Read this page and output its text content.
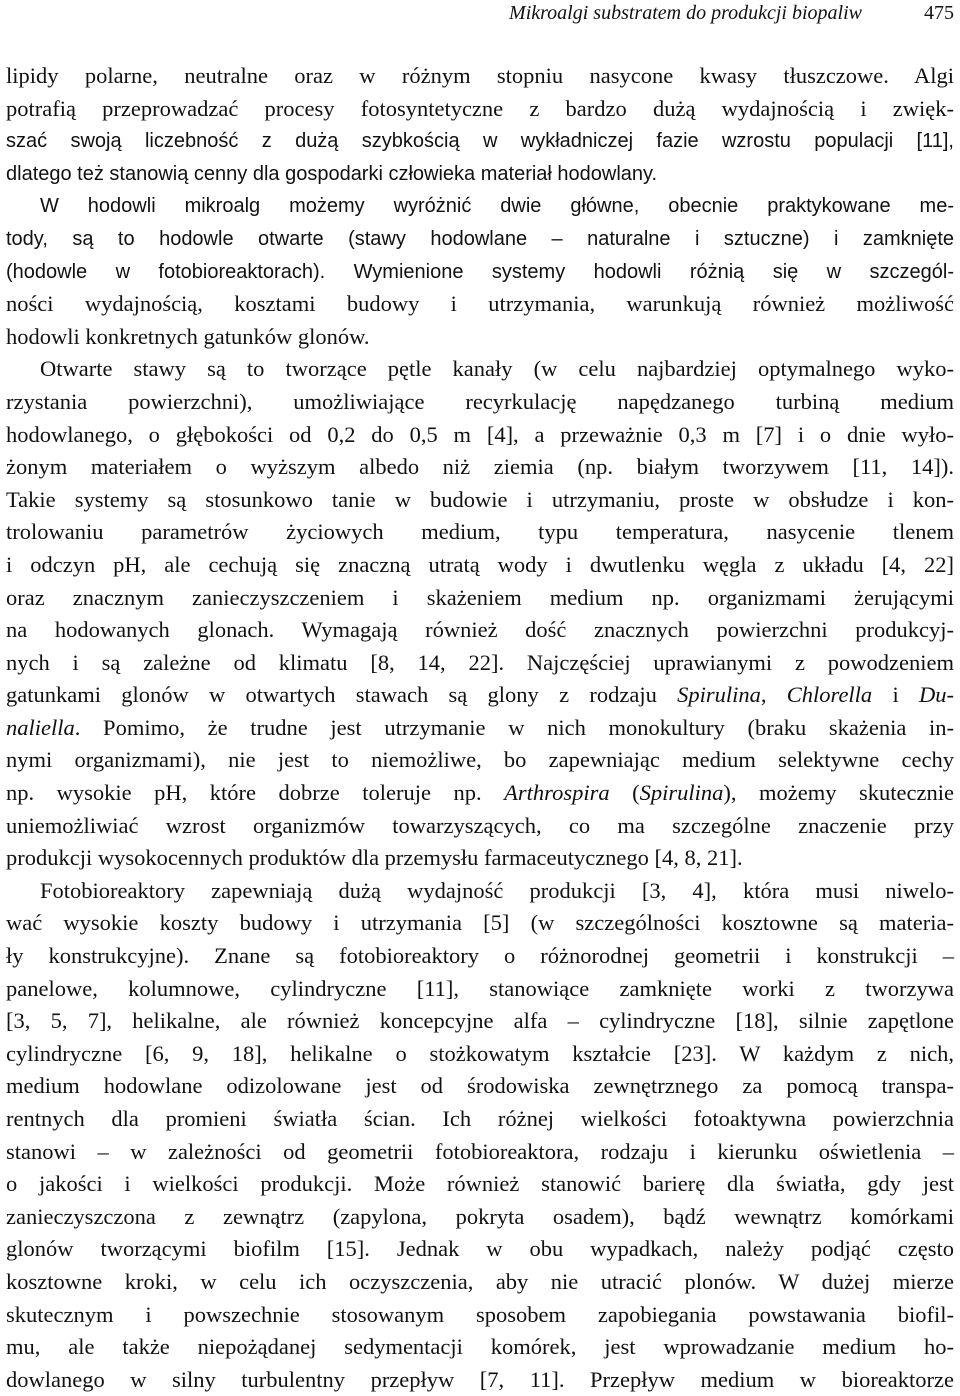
Mikroalgi substratem do produkcji biopaliw	475
lipidy polarne, neutralne oraz w różnym stopniu nasycone kwasy tłuszczowe. Algi
potrafią przeprowadzać procesy fotosyntetyczne z bardzo dużą wydajnością i zwięk-
szać swoją liczebność z dużą szybkością w wykładniczej fazie wzrostu populacji [11],
dlatego też stanowią cenny dla gospodarki człowieka materiał hodowlany.
W hodowli mikroalg możemy wyróżnić dwie główne, obecnie praktykowane me-
tody, są to hodowle otwarte (stawy hodowlane – naturalne i sztuczne) i zamknięte
(hodowle w fotobioreaktorach). Wymienione systemy hodowli różnią się w szczegól-
ności wydajnością, kosztami budowy i utrzymania, warunkują również możliwość
hodowli konkretnych gatunków glonów.
Otwarte stawy są to tworzące pętle kanały (w celu najbardziej optymalnego wyko-
rzystania powierzchni), umożliwiające recyrkulację napędzanego turbiną medium
hodowlanego, o głębokości od 0,2 do 0,5 m [4], a przeważnie 0,3 m [7] i o dnie wyło-
żonym materiałem o wyższym albedo niż ziemia (np. białym tworzywem [11, 14]).
Takie systemy są stosunkowo tanie w budowie i utrzymaniu, proste w obsłudze i kon-
trolowaniu parametrów życiowych medium, typu temperatura, nasycenie tlenem
i odczyn pH, ale cechują się znaczną utratą wody i dwutlenku węgla z układu [4, 22]
oraz znacznym zanieczyszczeniem i skażeniem medium np. organizmami żerującymi
na hodowanych glonach. Wymagają również dość znacznych powierzchni produkcyj-
nych i są zależne od klimatu [8, 14, 22]. Najczęściej uprawianymi z powodzeniem
gatunkami glonów w otwartych stawach są glony z rodzaju Spirulina, Chlorella i Du-
naliella. Pomimo, że trudne jest utrzymanie w nich monokultury (braku skażenia in-
nymi organizmami), nie jest to niemożliwe, bo zapewniając medium selektywne cechy
np. wysokie pH, które dobrze toleruje np. Arthrospira (Spirulina), możemy skutecznie
uniemożliwiać wzrost organizmów towarzyszących, co ma szczególne znaczenie przy
produkcji wysokocennych produktów dla przemysłu farmaceutycznego [4, 8, 21].
Fotobioreaktory zapewniają dużą wydajność produkcji [3, 4], która musi niwelo-
wać wysokie koszty budowy i utrzymania [5] (w szczególności kosztowne są materia-
ły konstrukcyjne). Znane są fotobioreaktory o różnorodnej geometrii i konstrukcji –
panelowe, kolumnowe, cylindryczne [11], stanowiące zamknięte worki z tworzywa
[3, 5, 7], helikalne, ale również koncepcyjne alfa – cylindryczne [18], silnie zapętlone
cylindryczne [6, 9, 18], helikalne o stożkowatym kształcie [23]. W każdym z nich,
medium hodowlane odizolowane jest od środowiska zewnętrznego za pomocą transpa-
rentnych dla promieni światła ścian. Ich różnej wielkości fotoaktywna powierzchnia
stanowi – w zależności od geometrii fotobioreaktora, rodzaju i kierunku oświetlenia –
o jakości i wielkości produkcji. Może również stanowić barierę dla światła, gdy jest
zanieczyszczona z zewnątrz (zapylona, pokryta osadem), bądź wewnątrz komórkami
glonów tworzącymi biofilm [15]. Jednak w obu wypadkach, należy podjąć często
kosztowne kroki, w celu ich oczyszczenia, aby nie utracić plonów. W dużej mierze
skutecznym i powszechnie stosowanym sposobem zapobiegania powstawania biofil-
mu, ale także niepożądanej sedymentacji komórek, jest wprowadzanie medium ho-
dowlanego w silny turbulentny przepływ [7, 11]. Przepływ medium w bioreaktorze
